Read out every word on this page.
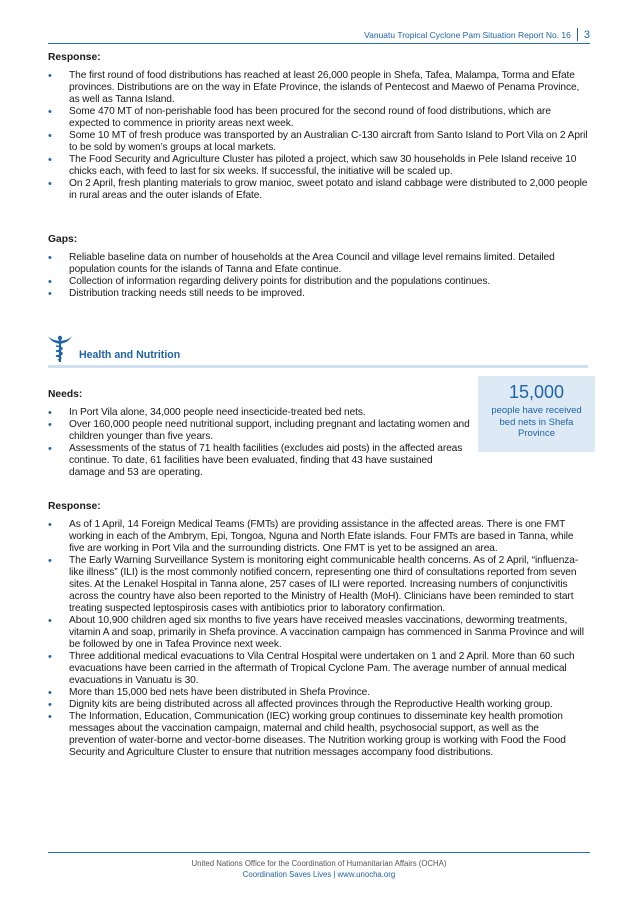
Vanuatu Tropical Cyclone Pam Situation Report No. 16 3
Response:
• The first round of food distributions has reached at least 26,000 people in Shefa, Tafea, Malampa, Torma and Efate provinces. Distributions are on the way in Efate Province, the islands of Pentecost and Maewo of Penama Province, as well as Tanna Island.
• Some 470 MT of non-perishable food has been procured for the second round of food distributions, which are expected to commence in priority areas next week.
• Some 10 MT of fresh produce was transported by an Australian C-130 aircraft from Santo Island to Port Vila on 2 April to be sold by women’s groups at local markets.
• The Food Security and Agriculture Cluster has piloted a project, which saw 30 households in Pele Island receive 10 chicks each, with feed to last for six weeks. If successful, the initiative will be scaled up.
• On 2 April, fresh planting materials to grow manioc, sweet potato and island cabbage were distributed to 2,000 people in rural areas and the outer islands of Efate.
Gaps:
• Reliable baseline data on number of households at the Area Council and village level remains limited. Detailed population counts for the islands of Tanna and Efate continue.
• Collection of information regarding delivery points for distribution and the populations continues.
• Distribution tracking needs still needs to be improved.
Health and Nutrition
15,000
people have received bed nets in Shefa Province
Needs:
• In Port Vila alone, 34,000 people need insecticide-treated bed nets.
• Over 160,000 people need nutritional support, including pregnant and lactating women and children younger than five years.
• Assessments of the status of 71 health facilities (excludes aid posts) in the affected areas continue. To date, 61 facilities have been evaluated, finding that 43 have sustained damage and 53 are operating.
Response:
• As of 1 April, 14 Foreign Medical Teams (FMTs) are providing assistance in the affected areas. There is one FMT working in each of the Ambrym, Epi, Tongoa, Nguna and North Efate islands. Four FMTs are based in Tanna, while five are working in Port Vila and the surrounding districts. One FMT is yet to be assigned an area.
• The Early Warning Surveillance System is monitoring eight communicable health concerns. As of 2 April, “influenza-like illness” (ILI) is the most commonly notified concern, representing one third of consultations reported from seven sites. At the Lenakel Hospital in Tanna alone, 257 cases of ILI were reported. Increasing numbers of conjunctivitis across the country have also been reported to the Ministry of Health (MoH). Clinicians have been reminded to start treating suspected leptospirosis cases with antibiotics prior to laboratory confirmation.
• About 10,900 children aged six months to five years have received measles vaccinations, deworming treatments, vitamin A and soap, primarily in Shefa province. A vaccination campaign has commenced in Sanma Province and will be followed by one in Tafea Province next week.
• Three additional medical evacuations to Vila Central Hospital were undertaken on 1 and 2 April. More than 60 such evacuations have been carried in the aftermath of Tropical Cyclone Pam. The average number of annual medical evacuations in Vanuatu is 30.
• More than 15,000 bed nets have been distributed in Shefa Province.
• Dignity kits are being distributed across all affected provinces through the Reproductive Health working group.
• The Information, Education, Communication (IEC) working group continues to disseminate key health promotion messages about the vaccination campaign, maternal and child health, psychosocial support, as well as the prevention of water-borne and vector-borne diseases. The Nutrition working group is working with Food the Food Security and Agriculture Cluster to ensure that nutrition messages accompany food distributions.
United Nations Office for the Coordination of Humanitarian Affairs (OCHA)
Coordination Saves Lives | www.unocha.org
